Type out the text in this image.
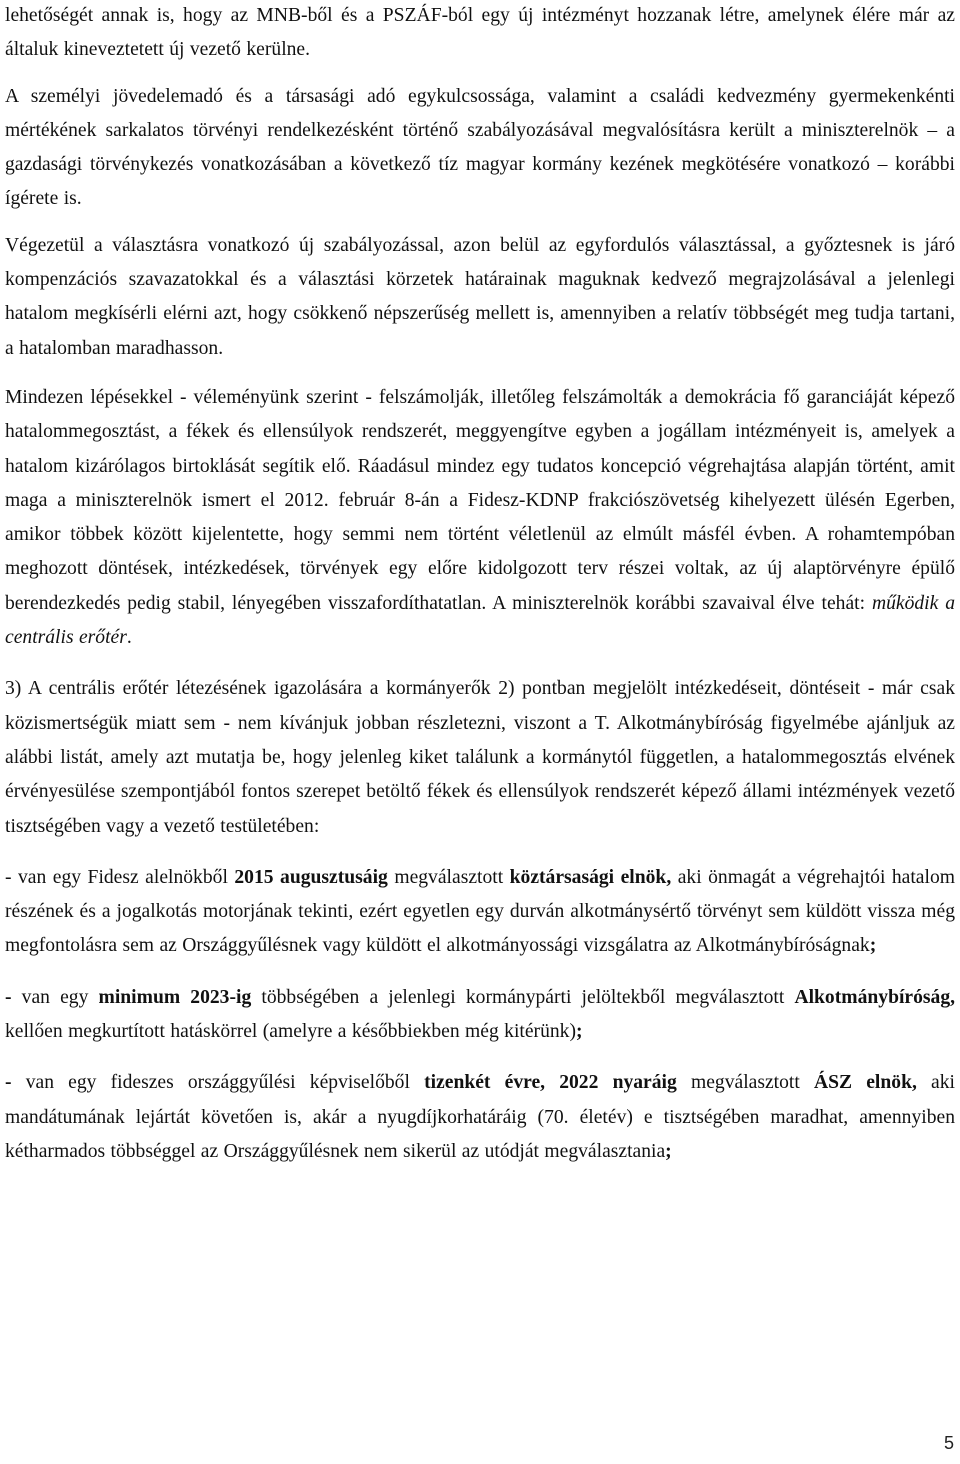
lehetőségét annak is, hogy az MNB-ből és a PSZÁF-ból egy új intézményt hozzanak létre, amelynek élére már az általuk kineveztetett új vezető kerülne.

A személyi jövedelemadó és a társasági adó egykulcsossága, valamint a családi kedvezmény gyermekenkénti mértékének sarkalatos törvényi rendelkezésként történő szabályozásával megvalósításra került a miniszterelnök – a gazdasági törvénykezés vonatkozásában a következő tíz magyar kormány kezének megkötésére vonatkozó – korábbi ígérete is.

Végezetül a választásra vonatkozó új szabályozással, azon belül az egyfordulós választással, a győztesnek is járó kompenzációs szavazatokkal és a választási körzetek határainak maguknak kedvező megrajzolásával a jelenlegi hatalom megkísérli elérni azt, hogy csökkenő népszerűség mellett is, amennyiben a relatív többségét meg tudja tartani, a hatalomban maradhasson.

Mindezen lépésekkel - véleményünk szerint - felszámolják, illetőleg felszámolták a demokrácia fő garanciáját képező hatalommegosztást, a fékek és ellensúlyok rendszerét, meggyengítve egyben a jogállam intézményeit is, amelyek a hatalom kizárólagos birtoklását segítik elő. Ráadásul mindez egy tudatos koncepció végrehajtása alapján történt, amit maga a miniszterelnök ismert el 2012. február 8-án a Fidesz-KDNP frakciószövetség kihelyezett ülésén Egerben, amikor többek között kijelentette, hogy semmi nem történt véletlenül az elmúlt másfél évben. A rohamtempóban meghozott döntések, intézkedések, törvények egy előre kidolgozott terv részei voltak, az új alaptörvényre épülő berendezkedés pedig stabil, lényegében visszafordíthatatlan. A miniszterelnök korábbi szavaival élve tehát: működik a centrális erőtér.

3) A centrális erőtér létezésének igazolására a kormányerők 2) pontban megjelölt intézkedéseit, döntéseit - már csak közismertségük miatt sem - nem kívánjuk jobban részletezni, viszont a T. Alkotmánybíróság figyelmébe ajánljuk az alábbi listát, amely azt mutatja be, hogy jelenleg kiket találunk a kormánytól független, a hatalommegosztás elvének érvényesülése szempontjából fontos szerepet betöltő fékek és ellensúlyok rendszerét képező állami intézmények vezető tisztségében vagy a vezető testületében:

- van egy Fidesz alelnökből 2015 augusztusáig megválasztott köztársasági elnök, aki önmagát a végrehajtói hatalom részének és a jogalkotás motorjának tekinti, ezért egyetlen egy durván alkotmánysértő törvényt sem küldött vissza még megfontolásra sem az Országgyűlésnek vagy küldött el alkotmányossági vizsgálatra az Alkotmánybíróságnak;

- van egy minimum 2023-ig többségében a jelenlegi kormánypárti jelöltekből megválasztott Alkotmánybíróság, kellően megkurtított hatáskörrel (amelyre a későbbiekben még kitérünk);

- van egy fideszes országgyűlési képviselőből tizenkét évre, 2022 nyaráig megválasztott ÁSZ elnök, aki mandátumának lejártát követően is, akár a nyugdíjkorhatáráig (70. életév) e tisztségében maradhat, amennyiben kétharmados többséggel az Országgyűlésnek nem sikerül az utódját megválasztania;

5
